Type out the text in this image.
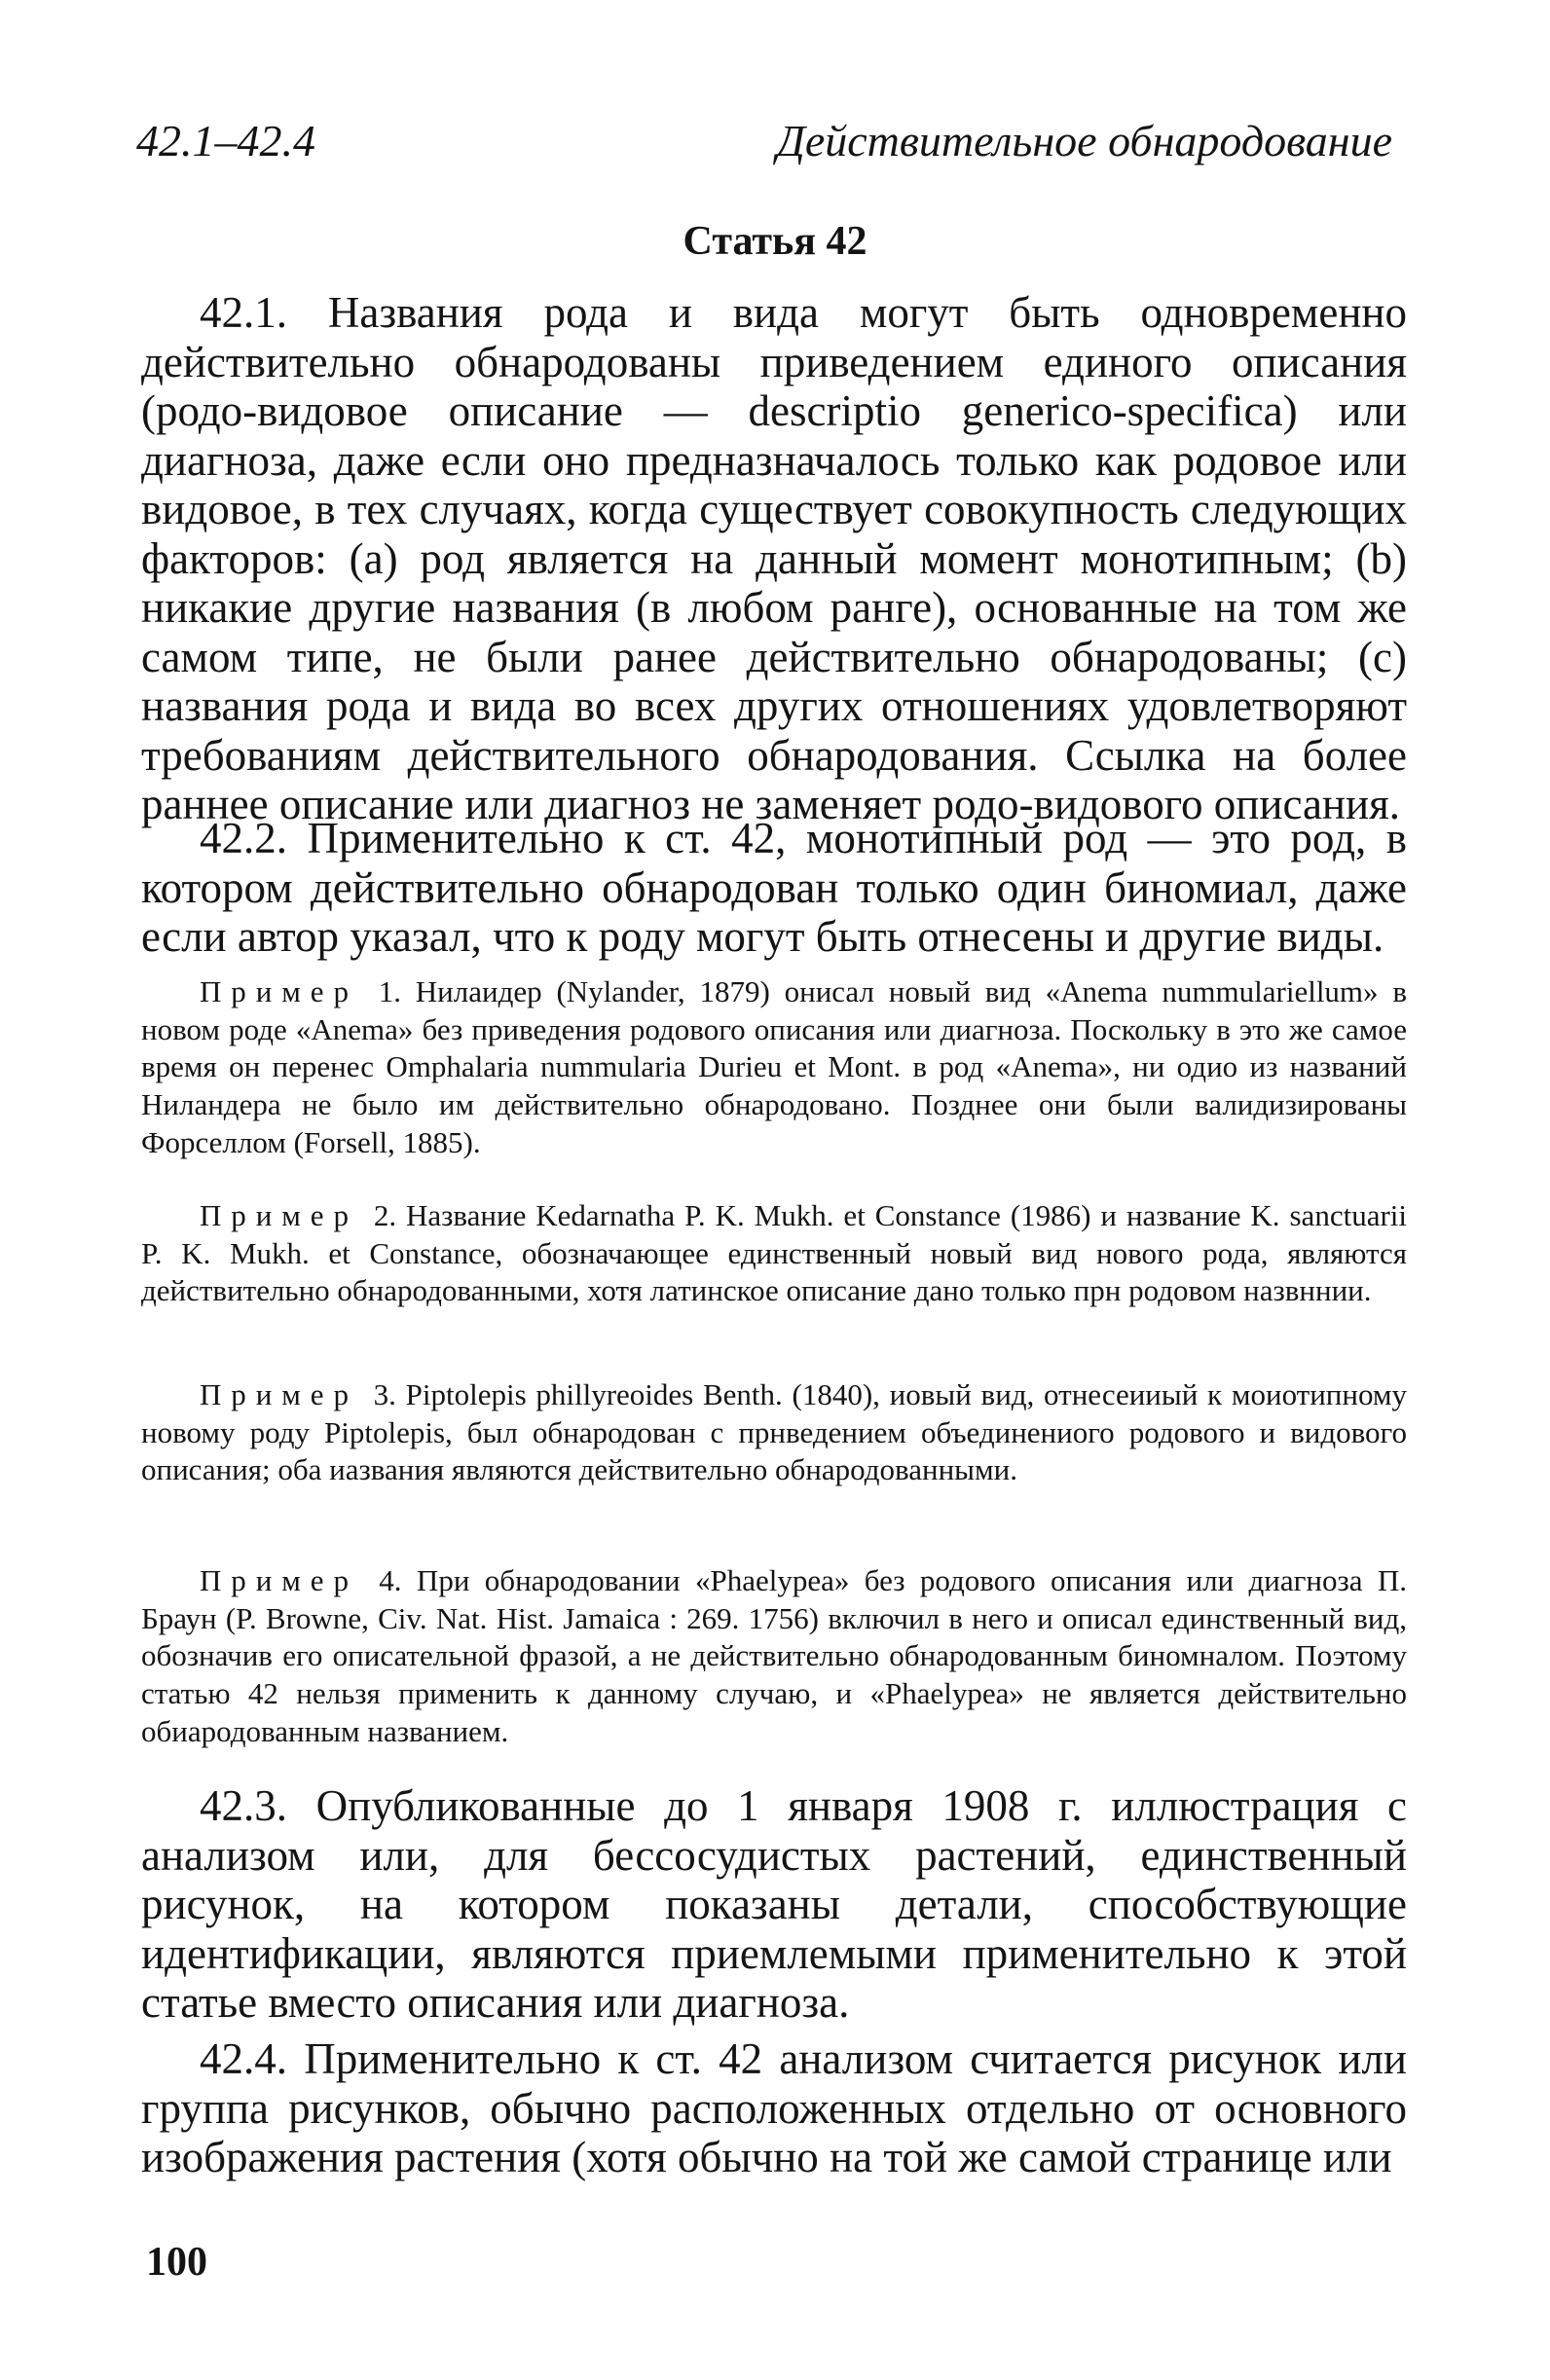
42.1–42.4	Действительное обнародование
Статья 42

42.1. Названия рода и вида могут быть одновременно действительно обнародованы приведением единого описания (родо-видовое описание — descriptio generico-specifica) или диагноза, даже если оно предназначалось только как родовое или видовое, в тех случаях, когда существует совокупность следующих факторов: (a) род является на данный момент монотипным; (b) никакие другие названия (в любом ранге), основанные на том же самом типе, не были ранее действительно обнародованы; (c) названия рода и вида во всех других отношениях удовлетворяют требованиям действительного обнародования. Ссылка на более раннее описание или диагноз не заменяет родо-видового описания.

42.2. Применительно к ст. 42, монотипный род — это род, в котором действительно обнародован только один биномиал, даже если автор указал, что к роду могут быть отнесены и другие виды.

Пример 1. Нилаидер (Nylander, 1879) онисал новый вид «Anema nummulariellum» в новом роде «Anema» без приведения родового описания или диагноза. Поскольку в это же самое время он перенес Omphalaria nummularia Durieu et Mont. в род «Anema», ни одио из названий Нилaндера не было им действительно обнародовано. Позднее они были валидизированы Форселлом (Forsell, 1885).

Пример 2. Название Kedarnatha P. K. Mukh. et Constance (1986) и название K. sanctuarii P. K. Mukh. et Constance, обозначающее единственный новый вид нового рода, являются действительно обнародованными, хотя латинское описание дано только прн родовом назвннии.

Пример 3. Piptolepis phillyreoides Benth. (1840), иовый вид, отнесеииый к моиотипному новому роду Piptolepis, был обнародован с прнведением объединениого родового и видового описания; оба иазвания являются действительно обнародованными.

Пример 4. При обнародовании «Phaelypea» без родового описания или диагноза П. Браун (P. Browne, Civ. Nat. Hist. Jamaica : 269. 1756) включил в него и описал единственный вид, обозначив его описательной фразой, а не действительно обнародованным биномналом. Поэтому статью 42 нельзя применить к данному случаю, и «Phaelypea» не является действительно обиародованным названием.

42.3. Опубликованные до 1 января 1908 г. иллюстрация с анализом или, для бессосудистых растений, единственный рисунок, на котором показаны детали, способствующие идентификации, являются приемлемыми применительно к этой статье вместо описания или диагноза.

42.4. Применительно к ст. 42 анализом считается рисунок или группа рисунков, обычно расположенных отдельно от основного изображения растения (хотя обычно на той же самой странице или

100
